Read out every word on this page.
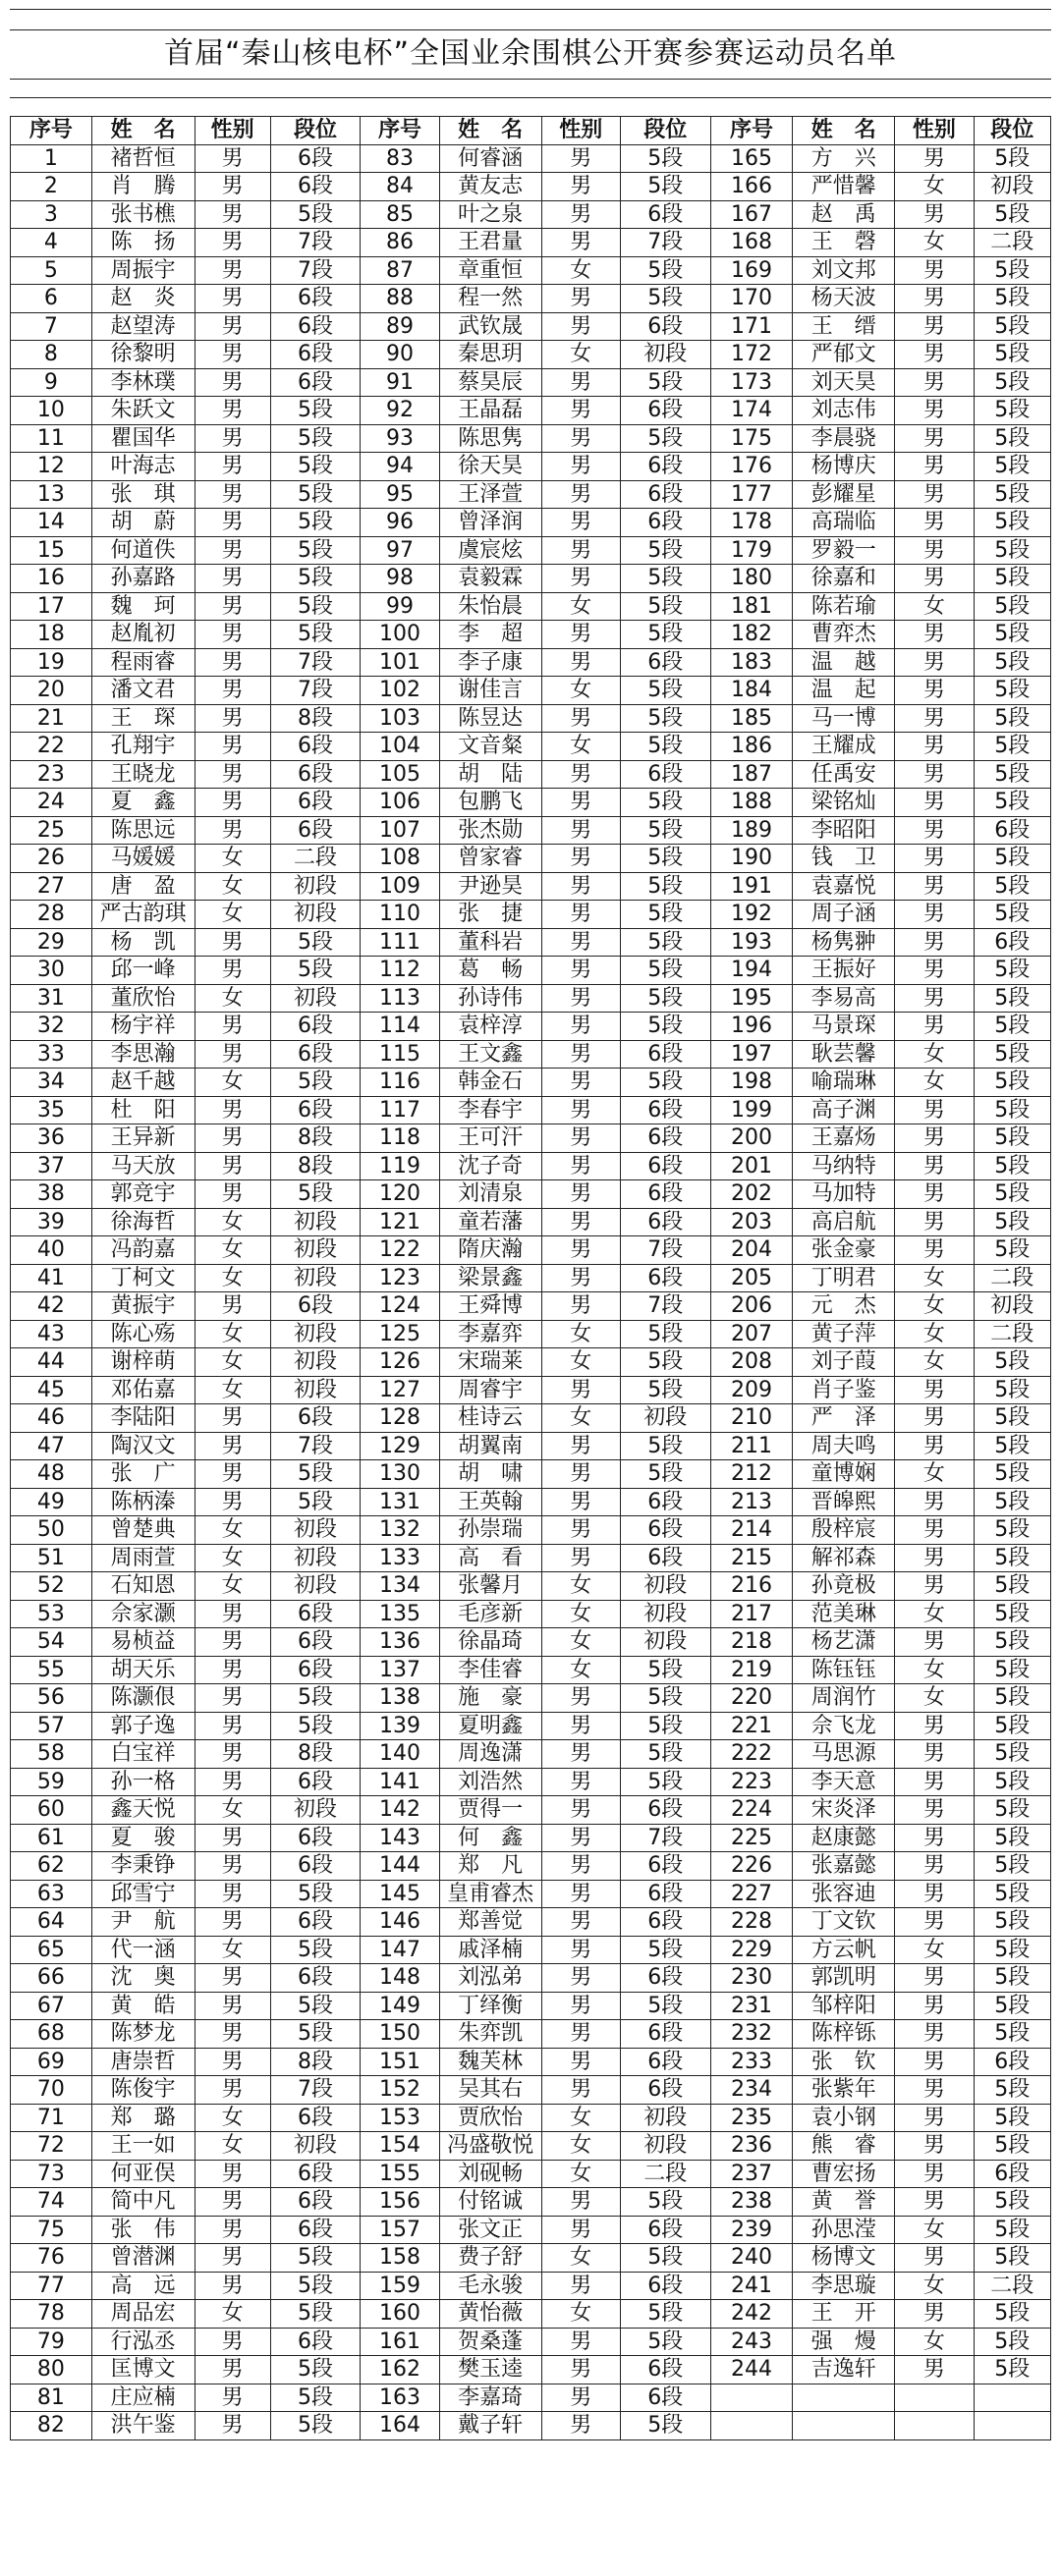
首届“秦山核电杯”全国业余围棋公开赛参赛运动员名单
序号	姓　名	性别	段位	序号	姓　名	性别	段位	序号	姓　名	性别	段位
1	褚哲恒	男	6段	83	何睿涵	男	5段	165	方　兴	男	5段
2	肖　腾	男	6段	84	黄友志	男	5段	166	严惜馨	女	初段
3	张书樵	男	5段	85	叶之泉	男	6段	167	赵　禹	男	5段
4	陈　扬	男	7段	86	王君量	男	7段	168	王　磬	女	二段
5	周振宇	男	7段	87	章重恒	女	5段	169	刘文邦	男	5段
6	赵　炎	男	6段	88	程一然	男	5段	170	杨天波	男	5段
7	赵望涛	男	6段	89	武钦晟	男	6段	171	王　缙	男	5段
8	徐黎明	男	6段	90	秦思玥	女	初段	172	严郁文	男	5段
9	李林璞	男	6段	91	蔡昊辰	男	5段	173	刘天昊	男	5段
10	朱跃文	男	5段	92	王晶磊	男	6段	174	刘志伟	男	5段
11	瞿国华	男	5段	93	陈思隽	男	5段	175	李晨骁	男	5段
12	叶海志	男	5段	94	徐天昊	男	6段	176	杨博庆	男	5段
13	张　琪	男	5段	95	王泽萱	男	6段	177	彭耀星	男	5段
14	胡　蔚	男	5段	96	曾泽润	男	6段	178	高瑞临	男	5段
15	何道佚	男	5段	97	虞宸炫	男	5段	179	罗毅一	男	5段
16	孙嘉路	男	5段	98	袁毅霖	男	5段	180	徐嘉和	男	5段
17	魏　珂	男	5段	99	朱怡晨	女	5段	181	陈若瑜	女	5段
18	赵胤初	男	5段	100	李　超	男	5段	182	曹弈杰	男	5段
19	程雨睿	男	7段	101	李子康	男	6段	183	温　越	男	5段
20	潘文君	男	7段	102	谢佳言	女	5段	184	温　起	男	5段
21	王　琛	男	8段	103	陈昱达	男	5段	185	马一博	男	5段
22	孔翔宇	男	6段	104	文音粲	女	5段	186	王耀成	男	5段
23	王晓龙	男	6段	105	胡　陆	男	6段	187	任禹安	男	5段
24	夏　鑫	男	6段	106	包鹏飞	男	5段	188	梁铭灿	男	5段
25	陈思远	男	6段	107	张杰勋	男	5段	189	李昭阳	男	6段
26	马媛媛	女	二段	108	曾家睿	男	5段	190	钱　卫	男	5段
27	唐　盈	女	初段	109	尹逊昊	男	5段	191	袁嘉悦	男	5段
28	严古韵琪	女	初段	110	张　捷	男	5段	192	周子涵	男	5段
29	杨　凯	男	5段	111	董科岩	男	5段	193	杨隽翀	男	6段
30	邱一峰	男	5段	112	葛　畅	男	5段	194	王振好	男	5段
31	董欣怡	女	初段	113	孙诗伟	男	5段	195	李易高	男	5段
32	杨宇祥	男	6段	114	袁梓淳	男	5段	196	马景琛	男	5段
33	李思瀚	男	6段	115	王文鑫	男	6段	197	耿芸馨	女	5段
34	赵千越	女	5段	116	韩金石	男	5段	198	喻瑞琳	女	5段
35	杜　阳	男	6段	117	李春宇	男	6段	199	高子渊	男	5段
36	王异新	男	8段	118	王可汗	男	6段	200	王嘉炀	男	5段
37	马天放	男	8段	119	沈子奇	男	6段	201	马纳特	男	5段
38	郭竞宇	男	5段	120	刘清泉	男	6段	202	马加特	男	5段
39	徐海哲	女	初段	121	童若藩	男	6段	203	高启航	男	5段
40	冯韵嘉	女	初段	122	隋庆瀚	男	7段	204	张金豪	男	5段
41	丁柯文	女	初段	123	梁景鑫	男	6段	205	丁明君	女	二段
42	黄振宇	男	6段	124	王舜博	男	7段	206	元　杰	女	初段
43	陈心殇	女	初段	125	李嘉弈	女	5段	207	黄子萍	女	二段
44	谢梓萌	女	初段	126	宋瑞莱	女	5段	208	刘子葭	女	5段
45	邓佑嘉	女	初段	127	周睿宇	男	5段	209	肖子鉴	男	5段
46	李陆阳	男	6段	128	桂诗云	女	初段	210	严　泽	男	5段
47	陶汉文	男	7段	129	胡翼南	男	5段	211	周夫鸣	男	5段
48	张　广	男	5段	130	胡　啸	男	5段	212	童博娴	女	5段
49	陈柄溱	男	5段	131	王英翰	男	6段	213	晋皞熙	男	5段
50	曾楚典	女	初段	132	孙崇瑞	男	6段	214	殷梓宸	男	5段
51	周雨萱	女	初段	133	高　看	男	6段	215	解祁森	男	5段
52	石知恩	女	初段	134	张馨月	女	初段	216	孙竟极	男	5段
53	佘家灏	男	6段	135	毛彦新	女	初段	217	范美琳	女	5段
54	易桢益	男	6段	136	徐晶琦	女	初段	218	杨艺潇	男	5段
55	胡天乐	男	6段	137	李佳睿	女	5段	219	陈钰钰	女	5段
56	陈灏佷	男	5段	138	施　豪	男	5段	220	周润竹	女	5段
57	郭子逸	男	5段	139	夏明鑫	男	5段	221	佘飞龙	男	5段
58	白宝祥	男	8段	140	周逸潇	男	5段	222	马思源	男	5段
59	孙一格	男	6段	141	刘浩然	男	5段	223	李天意	男	5段
60	鑫天悦	女	初段	142	贾得一	男	6段	224	宋炎泽	男	5段
61	夏　骏	男	6段	143	何　鑫	男	7段	225	赵康懿	男	5段
62	李秉铮	男	6段	144	郑　凡	男	6段	226	张嘉懿	男	5段
63	邱雪宁	男	5段	145	皇甫睿杰	男	6段	227	张容迪	男	5段
64	尹　航	男	6段	146	郑善觉	男	6段	228	丁文钦	男	5段
65	代一涵	女	5段	147	戚泽楠	男	5段	229	方云帆	女	5段
66	沈　奥	男	6段	148	刘泓弟	男	6段	230	郭凯明	男	5段
67	黄　皓	男	5段	149	丁绎衡	男	5段	231	邹梓阳	男	5段
68	陈梦龙	男	5段	150	朱弈凯	男	6段	232	陈梓铄	男	5段
69	唐崇哲	男	8段	151	魏芙林	男	6段	233	张　钦	男	6段
70	陈俊宇	男	7段	152	吴其右	男	6段	234	张紫年	男	5段
71	郑　璐	女	6段	153	贾欣怡	女	初段	235	袁小钢	男	5段
72	王一如	女	初段	154	冯盛敬悦	女	初段	236	熊　睿	男	5段
73	何亚俣	男	6段	155	刘砚畅	女	二段	237	曹宏扬	男	6段
74	简中凡	男	6段	156	付铭诚	男	5段	238	黄　誉	男	5段
75	张　伟	男	6段	157	张文正	男	6段	239	孙思滢	女	5段
76	曾潜渊	男	5段	158	费子舒	女	5段	240	杨博文	男	5段
77	高　远	男	5段	159	毛永骏	男	6段	241	李思璇	女	二段
78	周品宏	女	5段	160	黄怡薇	女	5段	242	王　开	男	5段
79	行泓丞	男	6段	161	贺桑蓬	男	5段	243	强　熳	女	5段
80	匡博文	男	5段	162	樊玉逵	男	6段	244	吉逸轩	男	5段
81	庄应楠	男	5段	163	李嘉琦	男	6段				
82	洪午鉴	男	5段	164	戴子轩	男	5段				
